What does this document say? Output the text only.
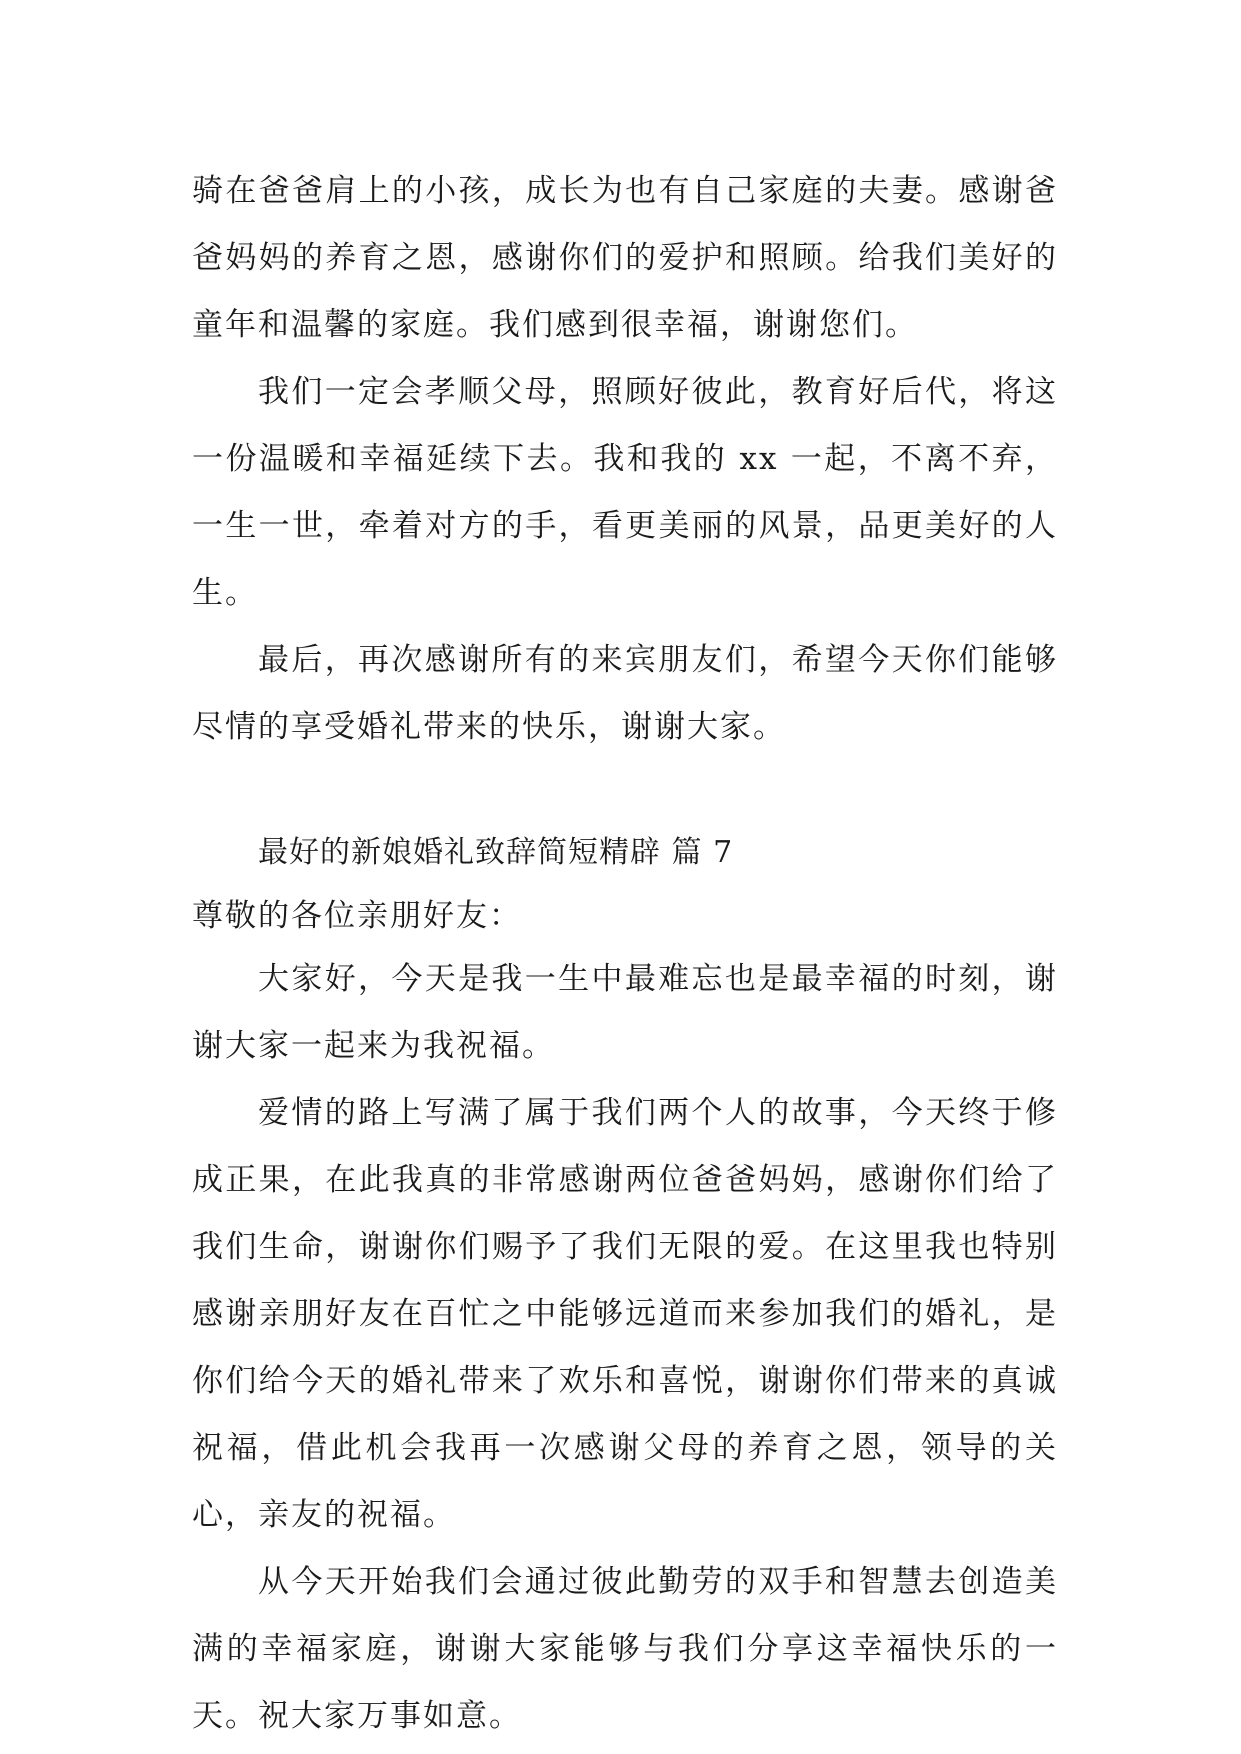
骑在爸爸肩上的小孩，成长为也有自己家庭的夫妻。感谢爸爸妈妈的养育之恩，感谢你们的爱护和照顾。给我们美好的童年和温馨的家庭。我们感到很幸福，谢谢您们。

我们一定会孝顺父母，照顾好彼此，教育好后代，将这一份温暖和幸福延续下去。我和我的 xx 一起，不离不弃，一生一世，牵着对方的手，看更美丽的风景，品更美好的人生。

最后，再次感谢所有的来宾朋友们，希望今天你们能够尽情的享受婚礼带来的快乐，谢谢大家。

最好的新娘婚礼致辞简短精辟 篇 7

尊敬的各位亲朋好友：

大家好，今天是我一生中最难忘也是最幸福的时刻，谢谢大家一起来为我祝福。

爱情的路上写满了属于我们两个人的故事，今天终于修成正果，在此我真的非常感谢两位爸爸妈妈，感谢你们给了我们生命，谢谢你们赐予了我们无限的爱。在这里我也特别感谢亲朋好友在百忙之中能够远道而来参加我们的婚礼，是你们给今天的婚礼带来了欢乐和喜悦，谢谢你们带来的真诚祝福，借此机会我再一次感谢父母的养育之恩，领导的关心，亲友的祝福。

从今天开始我们会通过彼此勤劳的双手和智慧去创造美满的幸福家庭，谢谢大家能够与我们分享这幸福快乐的一天。祝大家万事如意。
